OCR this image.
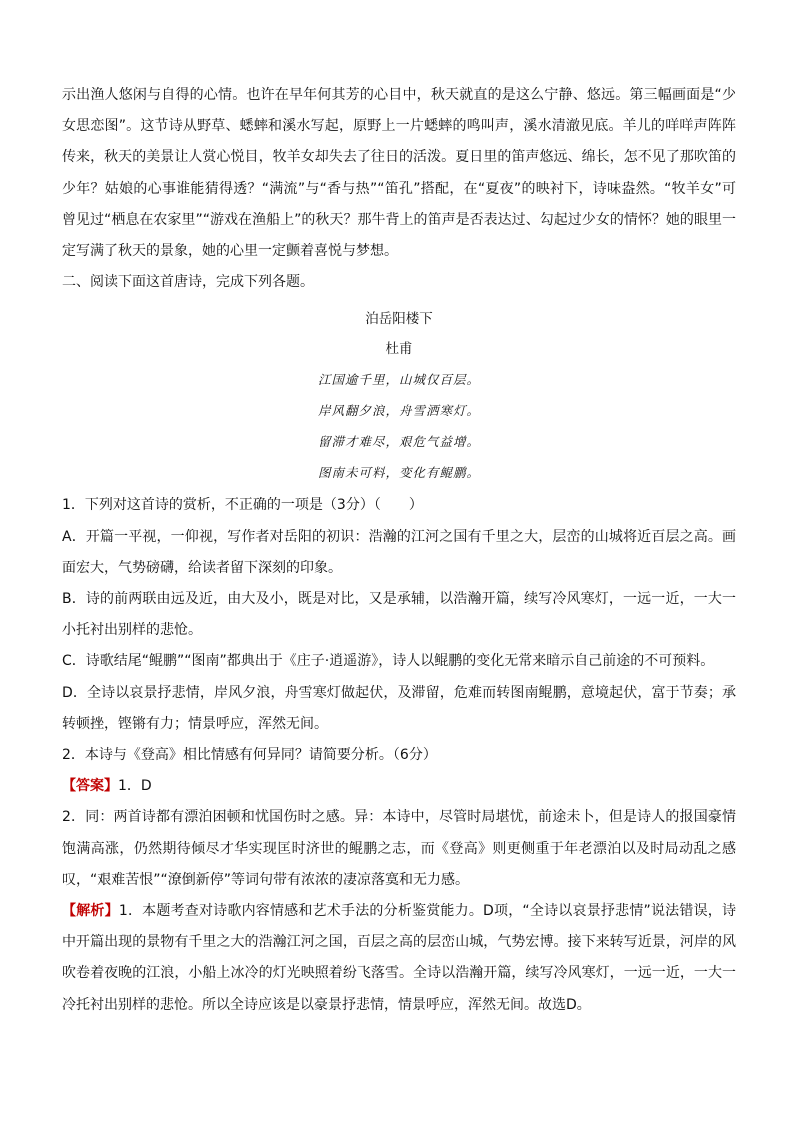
示出渔人悠闲与自得的心情。也许在早年何其芳的心目中，秋天就直的是这么宁静、悠远。第三幅画面是“少女思恋图”。这节诗从野草、蟋蟀和溪水写起，原野上一片蟋蟀的鸣叫声，溪水清澈见底。羊儿的咩咩声阵阵传来，秋天的美景让人赏心悦目，牧羊女却失去了往日的活泼。夏日里的笛声悠远、绵长，怎不见了那吹笛的少年？姑娘的心事谁能猜得透？“满流”与“香与热”“笛孔”搭配，在“夏夜”的映衬下，诗味盎然。“牧羊女”可曾见过“栖息在农家里”“游戏在渔船上”的秋天？那牛背上的笛声是否表达过、勾起过少女的情怀？她的眼里一定写满了秋天的景象，她的心里一定颤着喜悦与梦想。

二、阅读下面这首唐诗，完成下列各题。

泊岳阳楼下

杜甫

江国逾千里，山城仅百层。

岸风翻夕浪，舟雪洒寒灯。

留滞才难尽，艰危气益增。

图南未可料，变化有鲲鹏。

1．下列对这首诗的赏析，不正确的一项是（3分）（　　）

A．开篇一平视，一仰视，写作者对岳阳的初识：浩瀚的江河之国有千里之大，层峦的山城将近百层之高。画面宏大，气势磅礴，给读者留下深刻的印象。

B．诗的前两联由远及近，由大及小，既是对比，又是承辅，以浩瀚开篇，续写冷风寒灯，一远一近，一大一小托衬出别样的悲怆。

C．诗歌结尾“鲲鹏”“图南”都典出于《庄子·逍遥游》，诗人以鲲鹏的变化无常来暗示自己前途的不可预料。

D．全诗以哀景抒悲情，岸风夕浪，舟雪寒灯做起伏，及滞留，危难而转图南鲲鹏，意境起伏，富于节奏；承转顿挫，铿锵有力；情景呼应，浑然无间。

2．本诗与《登高》相比情感有何异同？请简要分析。（6分）

【答案】1．D

2．同：两首诗都有漂泊困顿和忧国伤时之感。异：本诗中，尽管时局堪忧，前途未卜，但是诗人的报国豪情饱满高涨，仍然期待倾尽才华实现匡时济世的鲲鹏之志，而《登高》则更侧重于年老漂泊以及时局动乱之感叹，“艰难苦恨”“潦倒新停”等词句带有浓浓的凄凉落寞和无力感。

【解析】1．本题考查对诗歌内容情感和艺术手法的分析鉴赏能力。D项，“全诗以哀景抒悲情”说法错误，诗中开篇出现的景物有千里之大的浩瀚江河之国，百层之高的层峦山城，气势宏博。接下来转写近景，河岸的风吹卷着夜晚的江浪，小船上冰冷的灯光映照着纷飞落雪。全诗以浩瀚开篇，续写冷风寒灯，一远一近，一大一冷托衬出别样的悲怆。所以全诗应该是以豪景抒悲情，情景呼应，浑然无间。故选D。
